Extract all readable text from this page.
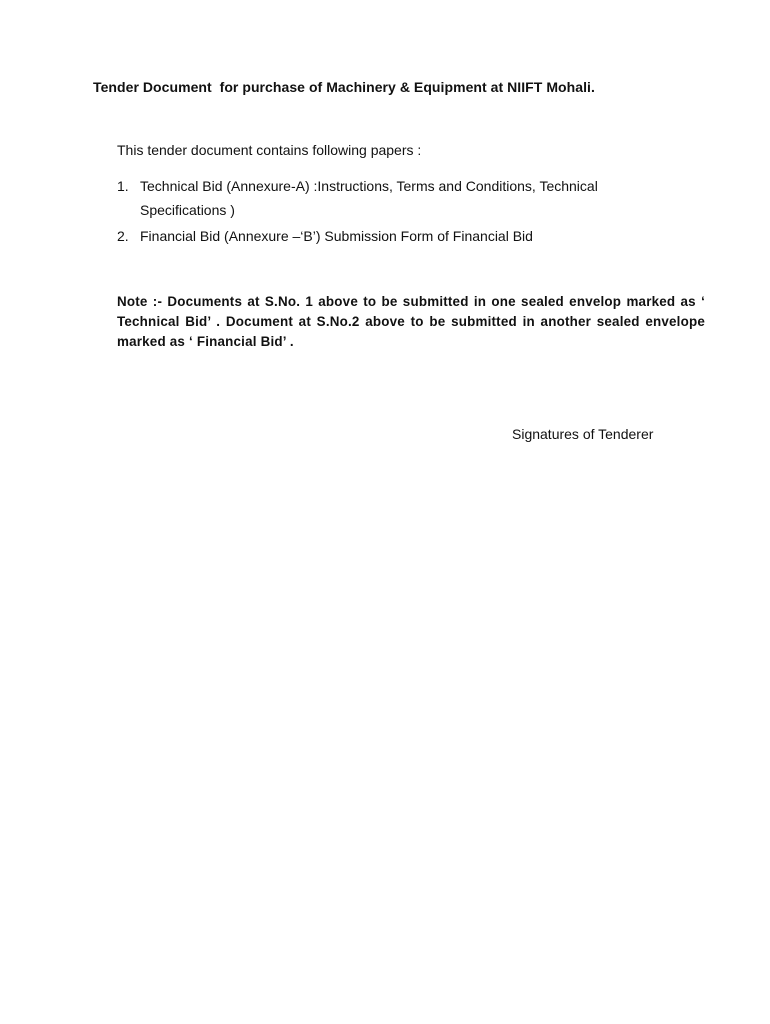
Tender Document  for purchase of Machinery & Equipment at NIIFT Mohali.
This tender document contains following papers :
1. Technical Bid (Annexure-A) :Instructions, Terms and Conditions, Technical Specifications )
2. Financial Bid (Annexure –‘B’) Submission Form of Financial Bid
Note :- Documents at S.No. 1 above to be submitted in one sealed envelop marked as ‘ Technical Bid’ . Document at S.No.2 above to be submitted in another sealed envelope marked as ‘ Financial Bid’ .
Signatures of Tenderer
